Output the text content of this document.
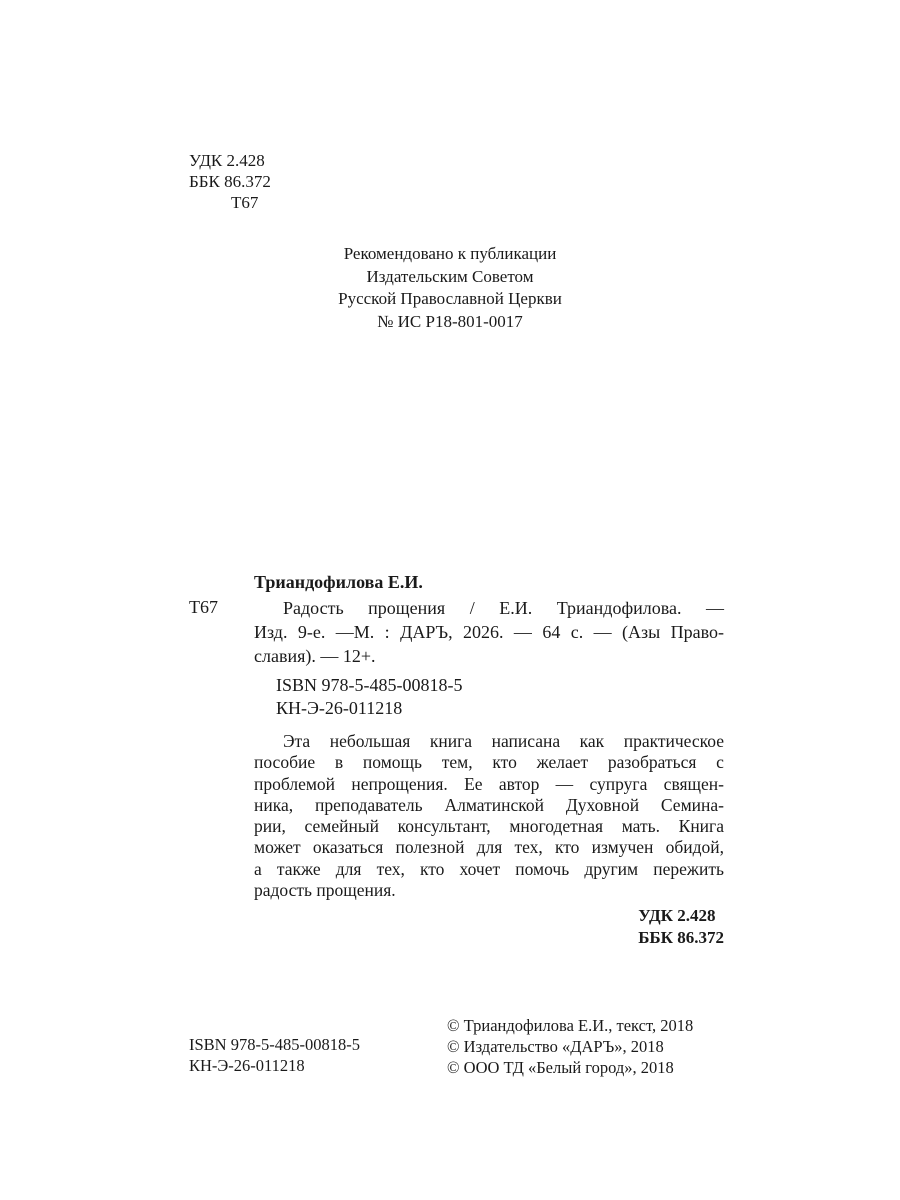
УДК 2.428
ББК 86.372
Т67
Рекомендовано к публикации
Издательским Советом
Русской Православной Церкви
№ ИС Р18-801-0017
Триандофилова Е.И.
Т67	Радость прощения / Е.И. Триандофилова. —
Изд. 9-е. —М. : ДАРЪ, 2026. — 64 с. — (Азы Право-
славия).
—
12+.
ISBN 978-5-485-00818-5
КН-Э-26-011218
Эта небольшая книга написана как практическое
пособие в помощь тем, кто желает разобраться с
проблемой непрощения. Ее автор — супруга священ-
ника, преподаватель Алматинской Духовной Семина-
рии, семейный консультант, многодетная мать. Книга
может оказаться полезной для тех, кто измучен обидой,
а также для тех, кто хочет помочь другим пережить
радость
прощения.
УДК 2.428
ББК 86.372
ISBN 978-5-485-00818-5
КН-Э-26-011218
© Триандофилова Е.И., текст, 2018
© Издательство «ДАРЪ», 2018
© ООО ТД «Белый город», 2018
